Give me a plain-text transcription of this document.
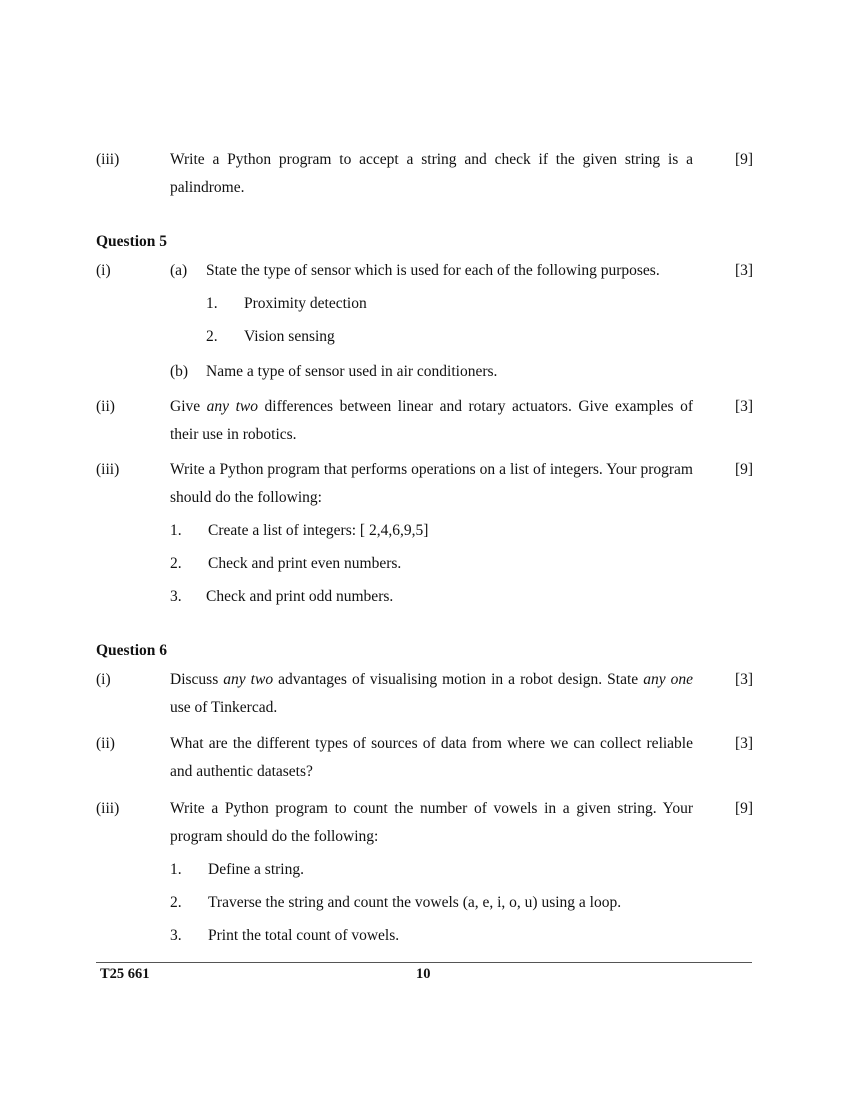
(iii)	Write a Python program to accept a string and check if the given string is a palindrome.
[9]
Question 5
(i)	(a) State the type of sensor which is used for each of the following purposes.	[3]
1. Proximity detection
2. Vision sensing
(b) Name a type of sensor used in air conditioners.
(ii)	Give any two differences between linear and rotary actuators. Give examples of their use in robotics.
[3]
(iii)	Write a Python program that performs operations on a list of integers. Your program should do the following:
[9]
1. Create a list of integers: [ 2,4,6,9,5]
2. Check and print even numbers.
3. Check and print odd numbers.
Question 6
(i)	Discuss any two advantages of visualising motion in a robot design. State any one use of Tinkercad.
[3]
(ii)	What are the different types of sources of data from where we can collect reliable and authentic datasets?
[3]
(iii)	Write a Python program to count the number of vowels in a given string. Your program should do the following:
[9]
1. Define a string.
2. Traverse the string and count the vowels (a, e, i, o, u) using a loop.
3. Print the total count of vowels.
T25 661	10
